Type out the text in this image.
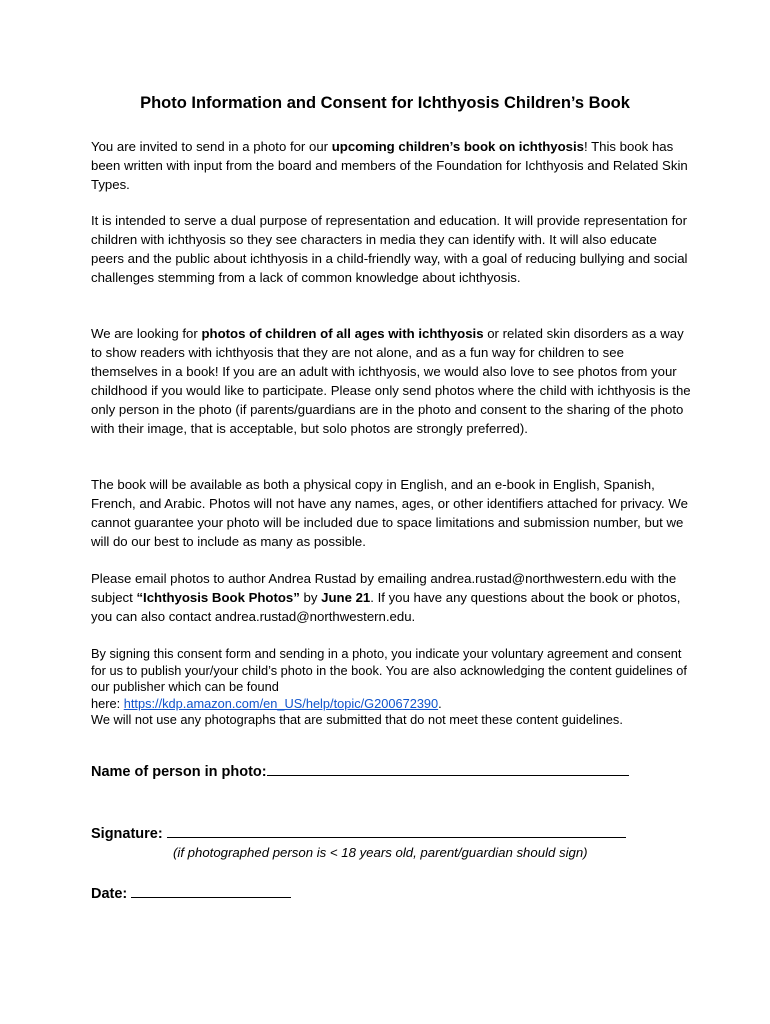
Photo Information and Consent for Ichthyosis Children’s Book

You are invited to send in a photo for our upcoming children’s book on ichthyosis! This book has been written with input from the board and members of the Foundation for Ichthyosis and Related Skin Types.

It is intended to serve a dual purpose of representation and education. It will provide representation for children with ichthyosis so they see characters in media they can identify with. It will also educate peers and the public about ichthyosis in a child-friendly way, with a goal of reducing bullying and social challenges stemming from a lack of common knowledge about ichthyosis.

We are looking for photos of children of all ages with ichthyosis or related skin disorders as a way to show readers with ichthyosis that they are not alone, and as a fun way for children to see themselves in a book! If you are an adult with ichthyosis, we would also love to see photos from your childhood if you would like to participate. Please only send photos where the child with ichthyosis is the only person in the photo (if parents/guardians are in the photo and consent to the sharing of the photo with their image, that is acceptable, but solo photos are strongly preferred).

The book will be available as both a physical copy in English, and an e-book in English, Spanish, French, and Arabic. Photos will not have any names, ages, or other identifiers attached for privacy. We cannot guarantee your photo will be included due to space limitations and submission number, but we will do our best to include as many as possible.

Please email photos to author Andrea Rustad by emailing andrea.rustad@northwestern.edu with the subject “Ichthyosis Book Photos” by June 21. If you have any questions about the book or photos, you can also contact andrea.rustad@northwestern.edu.

By signing this consent form and sending in a photo, you indicate your voluntary agreement and consent for us to publish your/your child’s photo in the book. You are also acknowledging the content guidelines of our publisher which can be found
here: https://kdp.amazon.com/en_US/help/topic/G200672390.
We will not use any photographs that are submitted that do not meet these content guidelines.

Name of person in photo:
Signature:
(if photographed person is < 18 years old, parent/guardian should sign)
Date:
